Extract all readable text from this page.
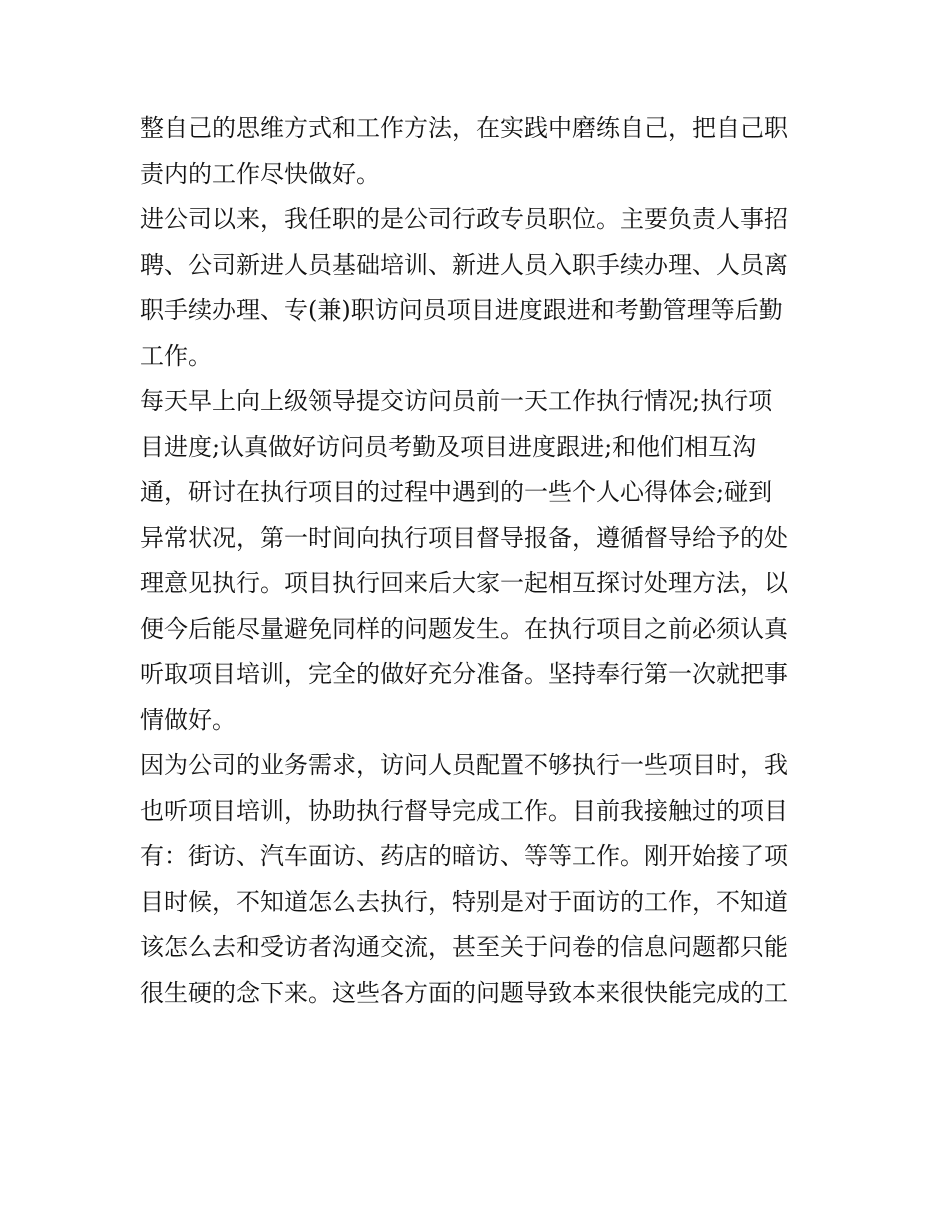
整自己的思维方式和工作方法，在实践中磨练自己，把自己职
责内的工作尽快做好。
进公司以来，我任职的是公司行政专员职位。主要负责人事招
聘、公司新进人员基础培训、新进人员入职手续办理、人员离
职手续办理、专(兼)职访问员项目进度跟进和考勤管理等后勤
工作。
每天早上向上级领导提交访问员前一天工作执行情况;执行项
目进度;认真做好访问员考勤及项目进度跟进;和他们相互沟
通，研讨在执行项目的过程中遇到的一些个人心得体会;碰到
异常状况，第一时间向执行项目督导报备，遵循督导给予的处
理意见执行。项目执行回来后大家一起相互探讨处理方法，以
便今后能尽量避免同样的问题发生。在执行项目之前必须认真
听取项目培训，完全的做好充分准备。坚持奉行第一次就把事
情做好。
因为公司的业务需求，访问人员配置不够执行一些项目时，我
也听项目培训，协助执行督导完成工作。目前我接触过的项目
有：街访、汽车面访、药店的暗访、等等工作。刚开始接了项
目时候，不知道怎么去执行，特别是对于面访的工作，不知道
该怎么去和受访者沟通交流，甚至关于问卷的信息问题都只能
很生硬的念下来。这些各方面的问题导致本来很快能完成的工
